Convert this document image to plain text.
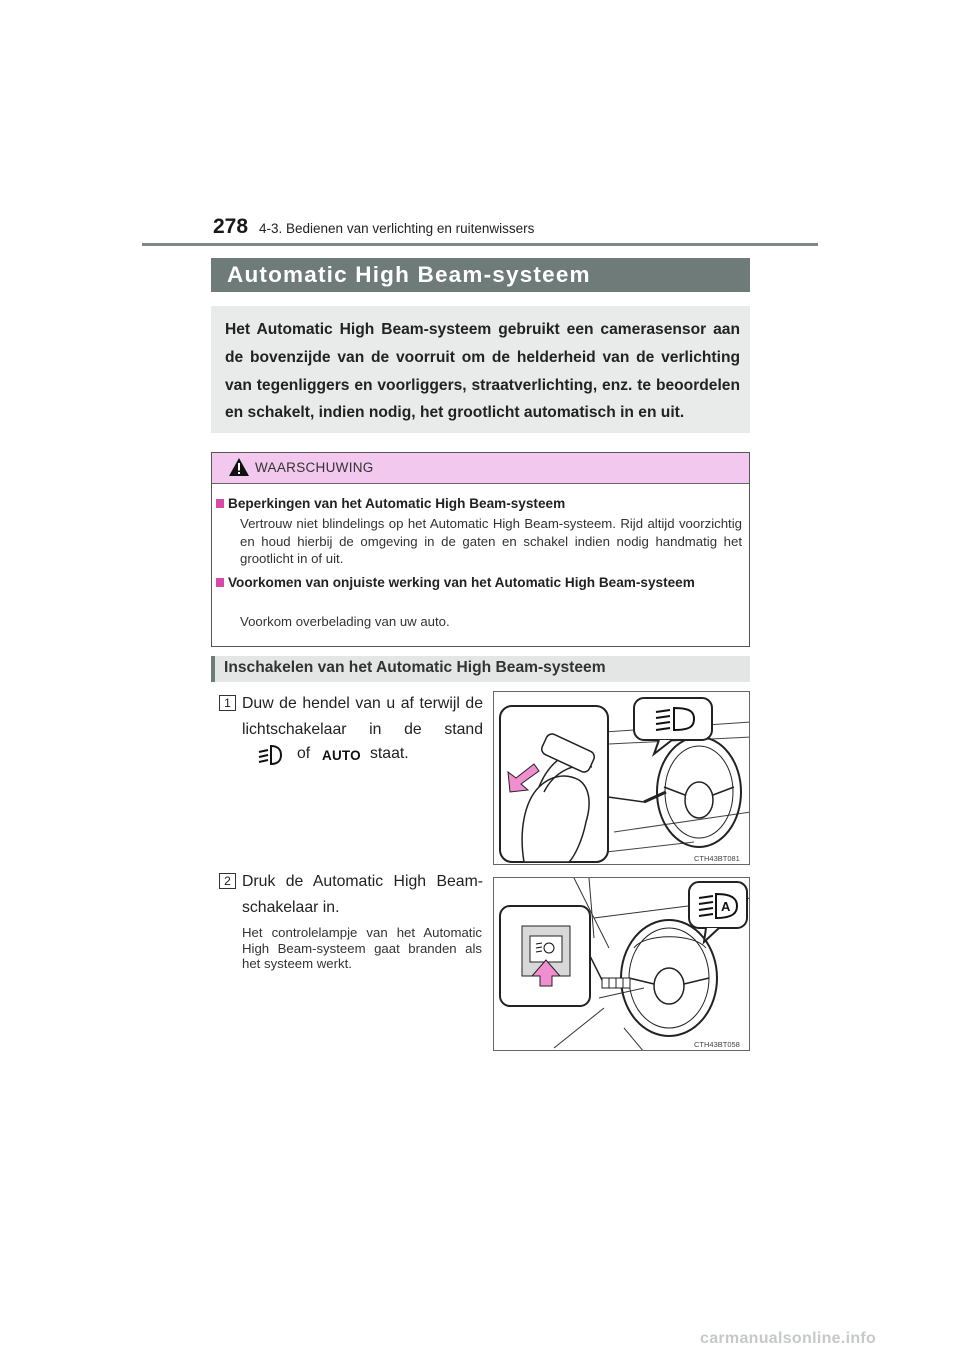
278 4-3. Bedienen van verlichting en ruitenwissers
Automatic High Beam-systeem
Het Automatic High Beam-systeem gebruikt een camerasensor aan de bovenzijde van de voorruit om de helderheid van de verlichting van tegenliggers en voorliggers, straatverlichting, enz. te beoordelen en schakelt, indien nodig, het grootlicht automatisch in en uit.
WAARSCHUWING
Beperkingen van het Automatic High Beam-systeem
Vertrouw niet blindelings op het Automatic High Beam-systeem. Rijd altijd voorzichtig en houd hierbij de omgeving in de gaten en schakel indien nodig handmatig het grootlicht in of uit.
Voorkomen van onjuiste werking van het Automatic High Beam-systeem
Voorkom overbelading van uw auto.
Inschakelen van het Automatic High Beam-systeem
1 Duw de hendel van u af terwijl de lichtschakelaar in de stand
of AUTO staat.
CTH43BT081
2 Druk de Automatic High Beam-schakelaar in.
Het controlelampje van het Automatic High Beam-systeem gaat branden als het systeem werkt.
A
CTH43BT058
carmanualsonline.info
